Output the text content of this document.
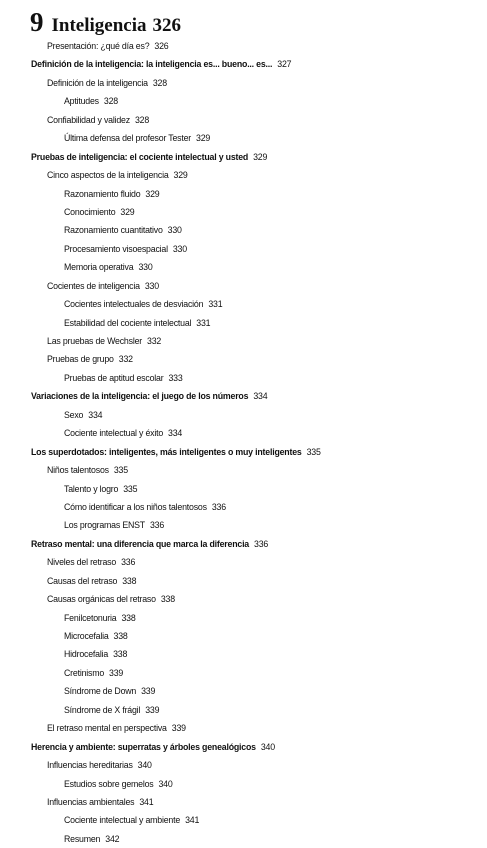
9 Inteligencia 326
Presentación: ¿qué día es? 326
Definición de la inteligencia: la inteligencia es... bueno... es... 327
Definición de la inteligencia 328
Aptitudes 328
Confiabilidad y validez 328
Última defensa del profesor Tester 329
Pruebas de inteligencia: el cociente intelectual y usted 329
Cinco aspectos de la inteligencia 329
Razonamiento fluido 329
Conocimiento 329
Razonamiento cuantitativo 330
Procesamiento visoespacial 330
Memoria operativa 330
Cocientes de inteligencia 330
Cocientes intelectuales de desviación 331
Estabilidad del cociente intelectual 331
Las pruebas de Wechsler 332
Pruebas de grupo 332
Pruebas de aptitud escolar 333
Variaciones de la inteligencia: el juego de los números 334
Sexo 334
Cociente intelectual y éxito 334
Los superdotados: inteligentes, más inteligentes o muy inteligentes 335
Niños talentosos 335
Talento y logro 335
Cómo identificar a los niños talentosos 336
Los programas ENST 336
Retraso mental: una diferencia que marca la diferencia 336
Niveles del retraso 336
Causas del retraso 338
Causas orgánicas del retraso 338
Fenilcetonuria 338
Microcefalia 338
Hidrocefalia 338
Cretinismo 339
Síndrome de Down 339
Síndrome de X frágil 339
El retraso mental en perspectiva 339
Herencia y ambiente: superratas y árboles genealógicos 340
Influencias hereditarias 340
Estudios sobre gemelos 340
Influencias ambientales 341
Cociente intelectual y ambiente 341
Resumen 342
